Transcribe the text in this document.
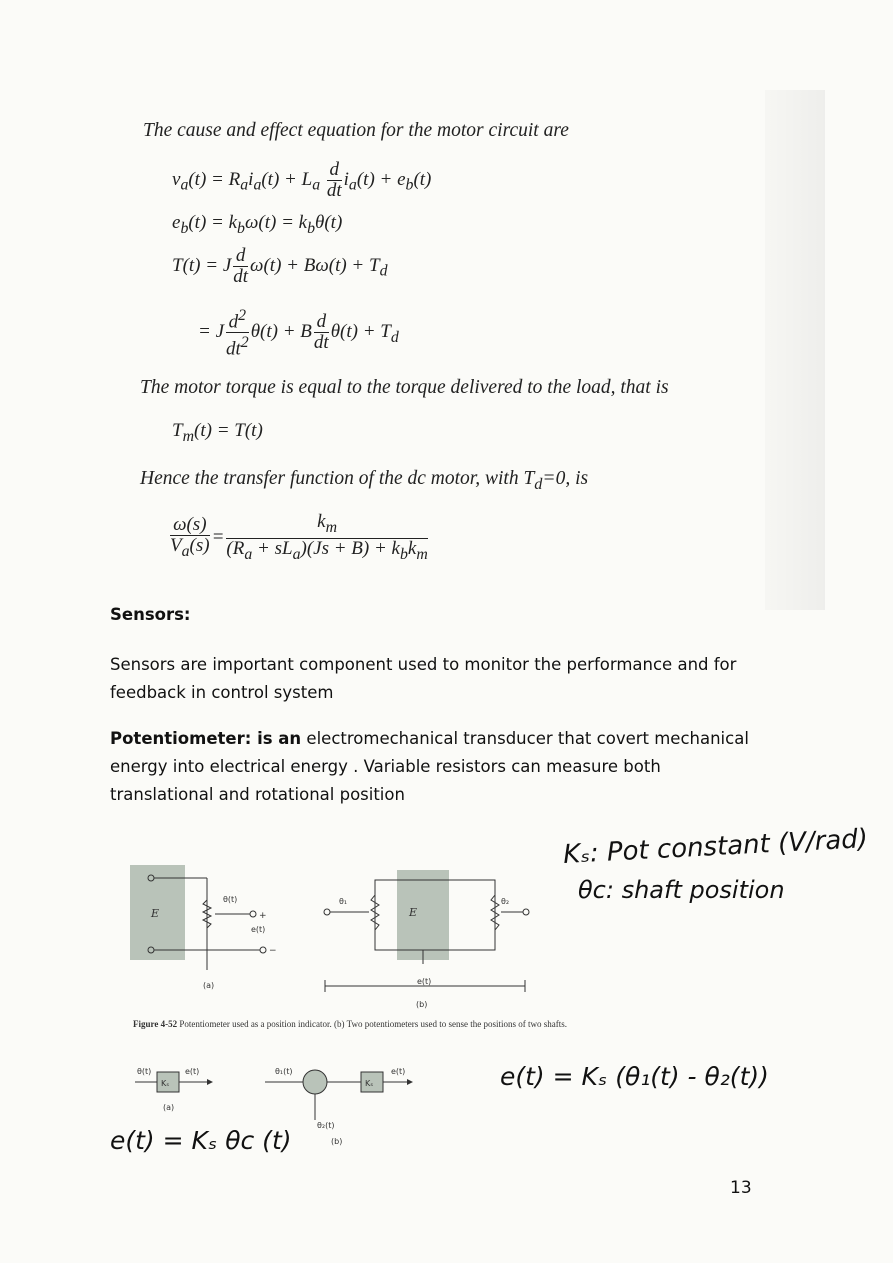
The cause and effect equation for the motor circuit are
$v_a(t) = R_ai_a(t) + L_a \frac{d}{dt} i_a(t) + e_b(t)$
$e_b(t) = k_b\omega(t) = k_b\theta(t)$
T(t) = J $\frac{d}{dt} \omega(t) + B\omega(t) + T_d$
= J $\frac{d^2}{dt^2} \theta(t) + B \frac{d}{dt} \theta(t) + T_d$
The motor torque is equal to the torque delivered to the load, that is
$T_m(t) = T(t)$
Hence the transfer function of the dc motor, with $T_d=0$, is
$\frac{\omega(s)}{V_a(s)} = \frac{k_m}{(R_a + sL_a)(Js + B) + k_bk_m}$
Sensors:
Sensors are important component used to monitor the performance and for feedback in control system
Potentiometer: is an electromechanical transducer that covert mechanical energy into electrical energy . Variable resistors can measure both translational and rotational position
Kₛ: Pot constant (V/rad)
θc: shaft position
e(t) = Kₛ (θ₁(t) - θ₂(t))
e(t) = Kₛ θc (t)
E
θ(t)
+
−
e(t)
(a)
E
θ₁	θ₂
e(t)
(b)
Figure 4-52 Potentiometer used as a position indicator. (b) Two potentiometers used to sense the positions of two shafts.
θ(t)
Kₛ
e(t)
(a)
θ₁(t)
Kₛ
e(t)
θ₂(t)
(b)
13
